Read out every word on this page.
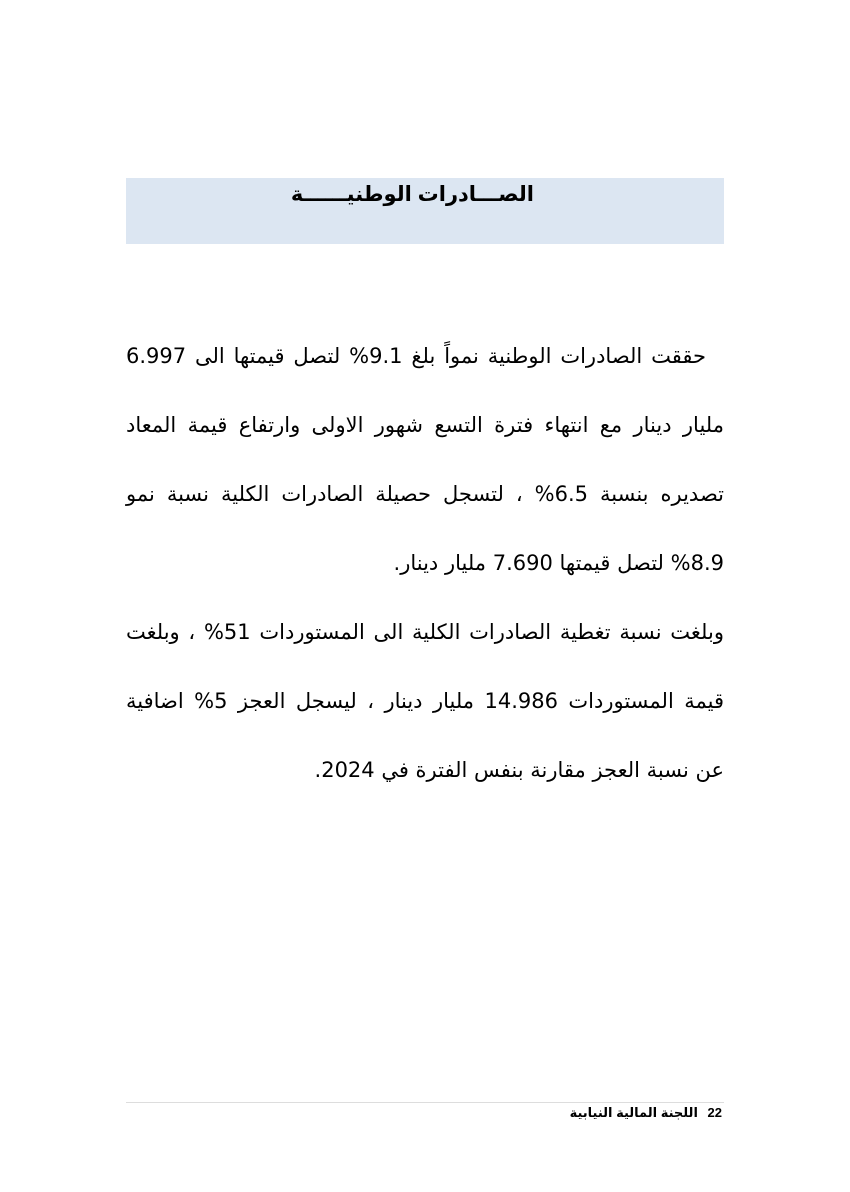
الصـــادرات الوطنيــــــة

حققت الصادرات الوطنية نمواً بلغ 9.1% لتصل قيمتها الى 6.997 مليار دينار مع انتهاء فترة التسع شهور الاولى وارتفاع قيمة المعاد تصديره بنسبة 6.5% ، لتسجل حصيلة الصادرات الكلية نسبة نمو 8.9% لتصل قيمتها 7.690 مليار دينار.

وبلغت نسبة تغطية الصادرات الكلية الى المستوردات 51% ، وبلغت قيمة المستوردات 14.986 مليار دينار ، ليسجل العجز 5% اضافية عن نسبة العجز مقارنة بنفس الفترة في 2024.

22 اللجنة المالية النيابية
